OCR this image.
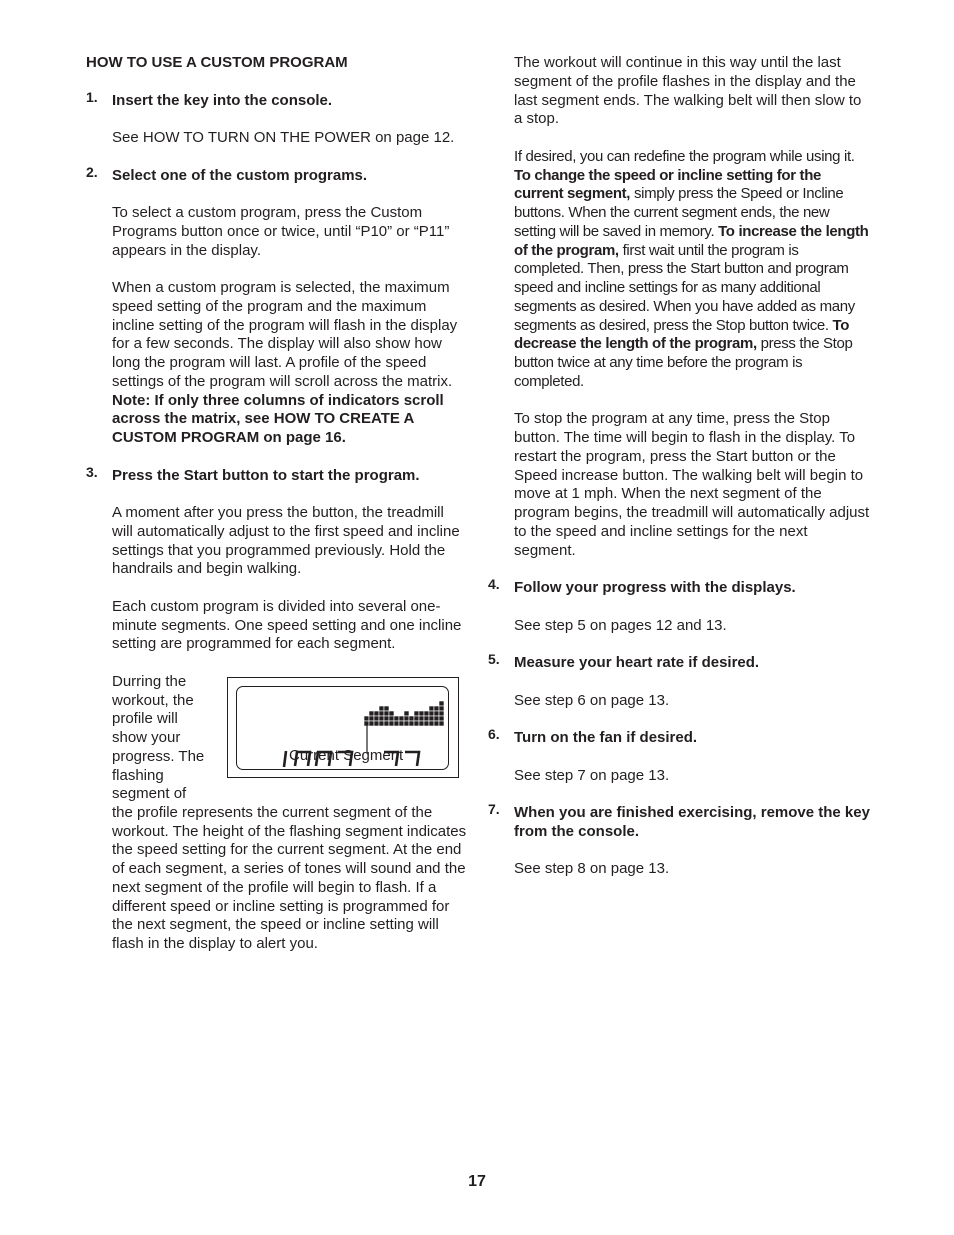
HOW TO USE A CUSTOM PROGRAM

1. Insert the key into the console.

See HOW TO TURN ON THE POWER on page 12.

2. Select one of the custom programs.

To select a custom program, press the Custom Programs button once or twice, until “P10” or “P11” appears in the display.

When a custom program is selected, the maximum speed setting of the program and the maximum incline setting of the program will flash in the display for a few seconds. The display will also show how long the program will last. A profile of the speed settings of the program will scroll across the matrix. Note: If only three columns of indicators scroll across the matrix, see HOW TO CREATE A CUSTOM PROGRAM on page 16.

3. Press the Start button to start the program.

A moment after you press the button, the treadmill will automatically adjust to the first speed and incline settings that you programmed previously. Hold the handrails and begin walking.

Each custom program is divided into several one-minute segments. One speed setting and one incline setting are programmed for each segment.

Durring the workout, the profile will show your progress. The flashing segment of

Current Segment

the profile represents the current segment of the workout. The height of the flashing segment indicates the speed setting for the current segment. At the end of each segment, a series of tones will sound and the next segment of the profile will begin to flash. If a different speed or incline setting is programmed for the next segment, the speed or incline setting will flash in the display to alert you.

The workout will continue in this way until the last segment of the profile flashes in the display and the last segment ends. The walking belt will then slow to a stop.

If desired, you can redefine the program while using it. To change the speed or incline setting for the current segment, simply press the Speed or Incline buttons. When the current segment ends, the new setting will be saved in memory. To increase the length of the program, first wait until the program is completed. Then, press the Start button and program speed and incline settings for as many additional segments as desired. When you have added as many segments as desired, press the Stop button twice. To decrease the length of the program, press the Stop button twice at any time before the program is completed.

To stop the program at any time, press the Stop button. The time will begin to flash in the display. To restart the program, press the Start button or the Speed increase button. The walking belt will begin to move at 1 mph. When the next segment of the program begins, the treadmill will automatically adjust to the speed and incline settings for the next segment.

4. Follow your progress with the displays.

See step 5 on pages 12 and 13.

5. Measure your heart rate if desired.

See step 6 on page 13.

6. Turn on the fan if desired.

See step 7 on page 13.

7. When you are finished exercising, remove the key from the console.

See step 8 on page 13.

17
